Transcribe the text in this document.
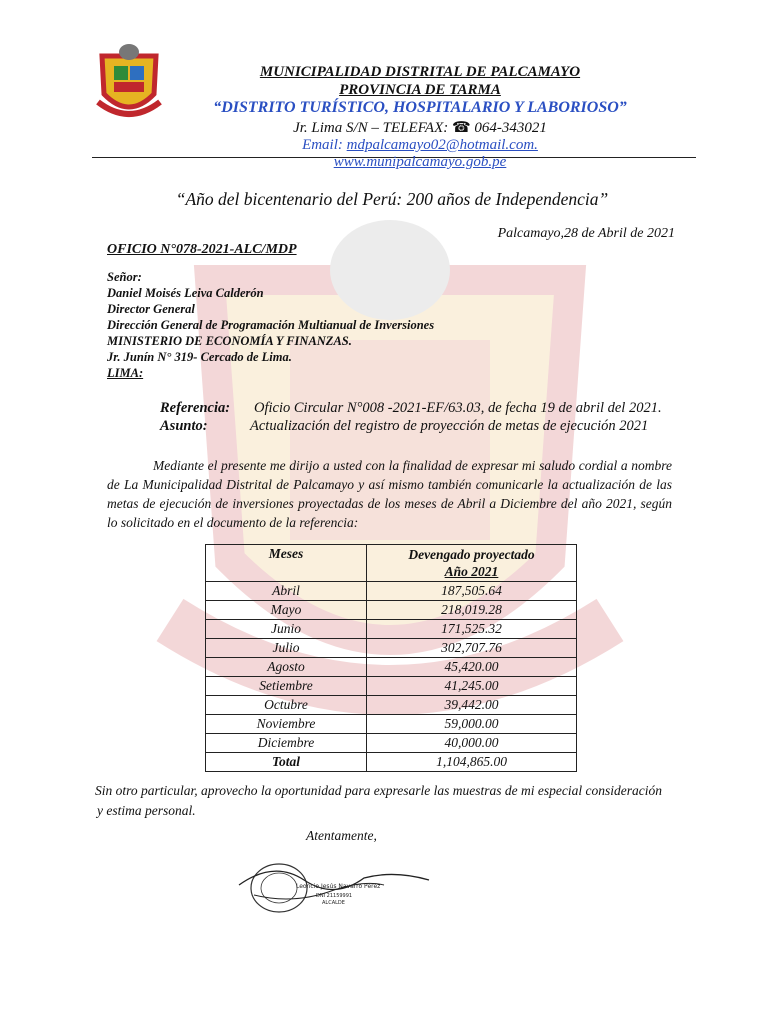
MUNICIPALIDAD DISTRITAL DE PALCAMAYO
PROVINCIA DE TARMA
“DISTRITO TURÍSTICO, HOSPITALARIO Y LABORIOSO”
Jr. Lima S/N – TELEFAX: ☎ 064-343021
Email: mdpalcamayo02@hotmail.com.
www.munipalcamayo.gob.pe
“Año del bicentenario del Perú: 200 años de Independencia”
Palcamayo,28 de Abril de 2021
OFICIO N°078-2021-ALC/MDP
Señor:
Daniel Moisés Leiva Calderón
Director General
Dirección General de Programación Multianual de Inversiones
MINISTERIO DE ECONOMÍA Y FINANZAS.
Jr. Junín N° 319- Cercado de Lima.
LIMA:
Referencia: Oficio Circular N°008 -2021-EF/63.03, de fecha 19 de abril del 2021.
Asunto:	Actualización del registro de proyección de metas de ejecución 2021
Mediante el presente me dirijo a usted con la finalidad de expresar mi saludo cordial a nombre de La Municipalidad Distrital de Palcamayo y así mismo también comunicarle la actualización de las metas de ejecución de inversiones proyectadas de los meses de Abril a Diciembre del año 2021, según lo solicitado en el documento de la referencia:
Meses	Devengado proyectado
Año 2021

Abril	187,505.64
Mayo	218,019.28
Junio	171,525.32
Julio	302,707.76
Agosto	45,420.00
Setiembre	41,245.00
Octubre	39,442.00
Noviembre	59,000.00
Diciembre	40,000.00
Total	1,104,865.00
Sin otro particular, aprovecho la oportunidad para expresarle las muestras de mi especial consideración
y estima personal.
Atentamente,
Leoncio Jesús Navarro Perez
DNI 21159991
ALCALDE
